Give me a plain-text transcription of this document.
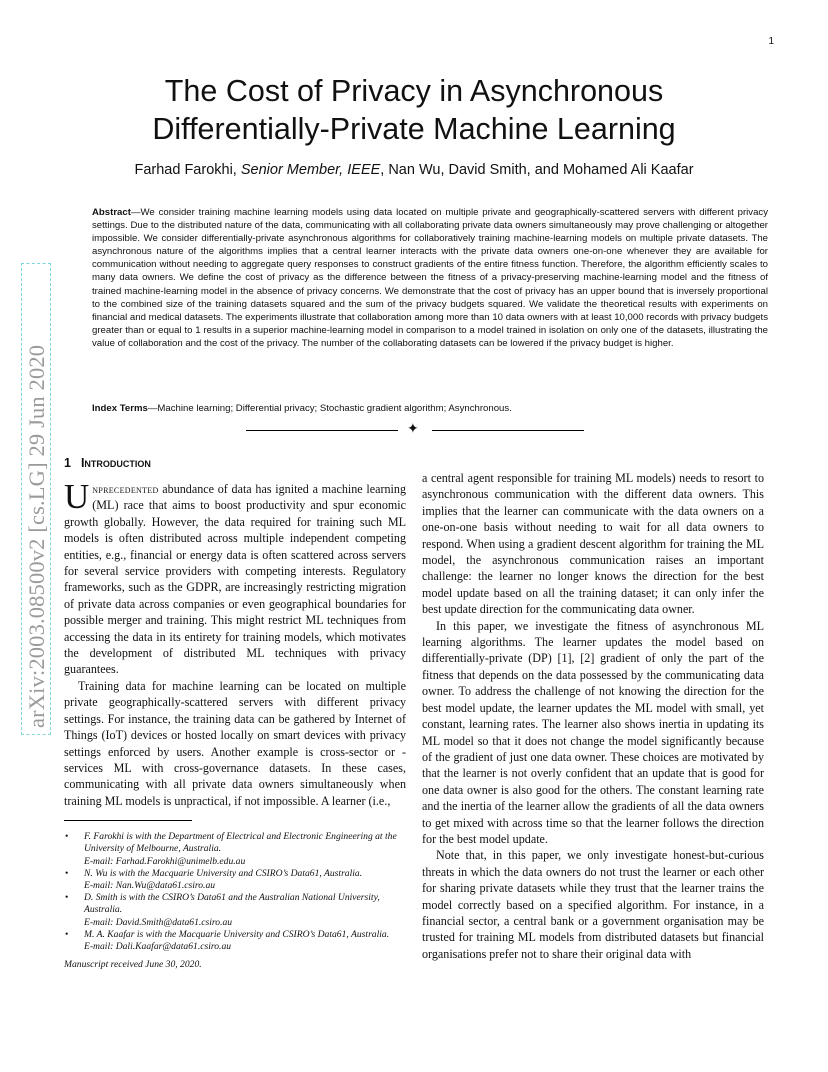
1
The Cost of Privacy in Asynchronous
Differentially-Private Machine Learning
Farhad Farokhi, Senior Member, IEEE, Nan Wu, David Smith, and Mohamed Ali Kaafar

Abstract—We consider training machine learning models using data located on multiple private and geographically-scattered servers with different privacy settings. Due to the distributed nature of the data, communicating with all collaborating private data owners simultaneously may prove challenging or altogether impossible. We consider differentially-private asynchronous algorithms for collaboratively training machine-learning models on multiple private datasets. The asynchronous nature of the algorithms implies that a central learner interacts with the private data owners one-on-one whenever they are available for communication without needing to aggregate query responses to construct gradients of the entire fitness function. Therefore, the algorithm efficiently scales to many data owners. We define the cost of privacy as the difference between the fitness of a privacy-preserving machine-learning model and the fitness of trained machine-learning model in the absence of privacy concerns. We demonstrate that the cost of privacy has an upper bound that is inversely proportional to the combined size of the training datasets squared and the sum of the privacy budgets squared. We validate the theoretical results with experiments on financial and medical datasets. The experiments illustrate that collaboration among more than 10 data owners with at least 10,000 records with privacy budgets greater than or equal to 1 results in a superior machine-learning model in comparison to a model trained in isolation on only one of the datasets, illustrating the value of collaboration and the cost of the privacy. The number of the collaborating datasets can be lowered if the privacy budget is higher.

Index Terms—Machine learning; Differential privacy; Stochastic gradient algorithm; Asynchronous.

✦
arXiv:2003.08500v2 [cs.LG] 29 Jun 2020 1 Introduction

Unprecedented abundance of data has ignited a machine learning (ML) race that aims to boost productivity and spur economic growth globally. However, the data required for training such ML models is often distributed across multiple independent competing entities, e.g., financial or energy data is often scattered across servers for several service providers with competing interests. Regulatory frameworks, such as the GDPR, are increasingly restricting migration of private data across companies or even geographical boundaries for possible merger and training. This might restrict ML techniques from accessing the data in its entirety for training models, which motivates the development of distributed ML techniques with privacy guarantees.

Training data for machine learning can be located on multiple private geographically-scattered servers with different privacy settings. For instance, the training data can be gathered by Internet of Things (IoT) devices or hosted locally on smart devices with privacy settings enforced by users. Another example is cross-sector or -services ML with cross-governance datasets. In these cases, communicating with all private data owners simultaneously when training ML models is unpractical, if not impossible. A learner (i.e.,

• F. Farokhi is with the Department of Electrical and Electronic Engineering at the University of Melbourne, Australia.
E-mail: Farhad.Farokhi@unimelb.edu.au
• N. Wu is with the Macquarie University and CSIRO’s Data61, Australia.
E-mail: Nan.Wu@data61.csiro.au
• D. Smith is with the CSIRO’s Data61 and the Australian National University, Australia.
E-mail: David.Smith@data61.csiro.au
• M. A. Kaafar is with the Macquarie University and CSIRO’s Data61, Australia.
E-mail: Dali.Kaafar@data61.csiro.au
Manuscript received June 30, 2020.

a central agent responsible for training ML models) needs to resort to asynchronous communication with the different data owners. This implies that the learner can communicate with the data owners on a one-on-one basis without needing to wait for all data owners to respond. When using a gradient descent algorithm for training the ML model, the asynchronous communication raises an important challenge: the learner no longer knows the direction for the best model update based on all the training dataset; it can only infer the best update direction for the communicating data owner.

In this paper, we investigate the fitness of asynchronous ML learning algorithms. The learner updates the model based on differentially-private (DP) [1], [2] gradient of only the part of the fitness that depends on the data possessed by the communicating data owner. To address the challenge of not knowing the direction for the best model update, the learner updates the ML model with small, yet constant, learning rates. The learner also shows inertia in updating its ML model so that it does not change the model significantly because of the gradient of just one data owner. These choices are motivated by that the learner is not overly confident that an update that is good for one data owner is also good for the others. The constant learning rate and the inertia of the learner allow the gradients of all the data owners to get mixed with across time so that the learner follows the direction for the best model update.

Note that, in this paper, we only investigate honest-but-curious threats in which the data owners do not trust the learner or each other for sharing private datasets while they trust that the learner trains the model correctly based on a specified algorithm. For instance, in a financial sector, a central bank or a government organisation may be trusted for training ML models from distributed datasets but financial organisations prefer not to share their original data with
